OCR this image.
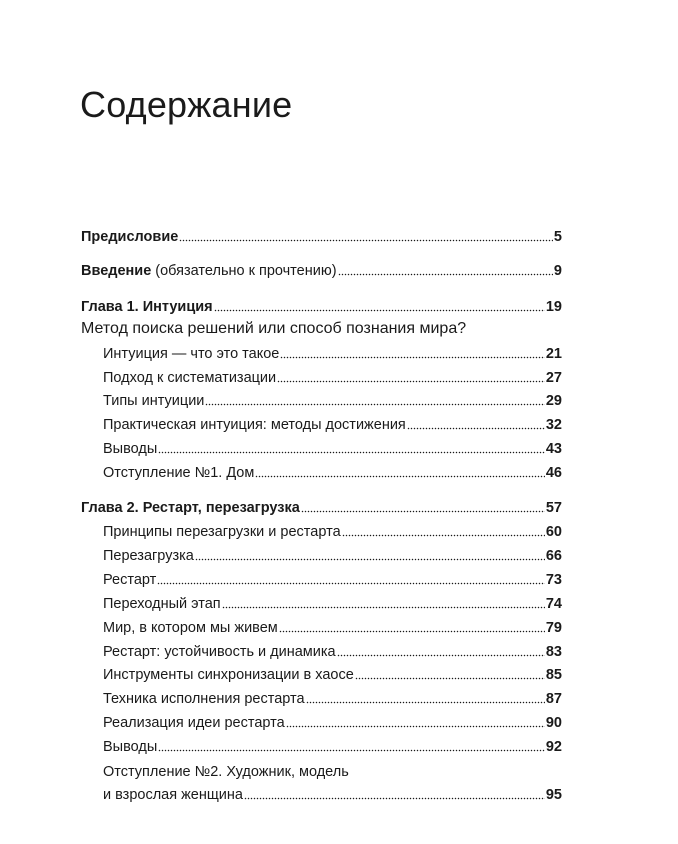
Содержание
Предисловие	5
Введение (обязательно к прочтению)	9
Глава 1. Интуиция	19
Метод поиска решений или способ познания мира?
Интуиция — что это такое	21
Подход к систематизации	27
Типы интуиции	29
Практическая интуиция: методы достижения	32
Выводы	43
Отступление №1. Дом	46
Глава 2. Рестарт, перезагрузка	57
Принципы перезагрузки и рестарта	60
Перезагрузка	66
Рестарт	73
Переходный этап	74
Мир, в котором мы живем	79
Рестарт: устойчивость и динамика	83
Инструменты синхронизации в хаосе	85
Техника исполнения рестарта	87
Реализация идеи рестарта	90
Выводы	92
Отступление №2. Художник, модель
и взрослая женщина	95
